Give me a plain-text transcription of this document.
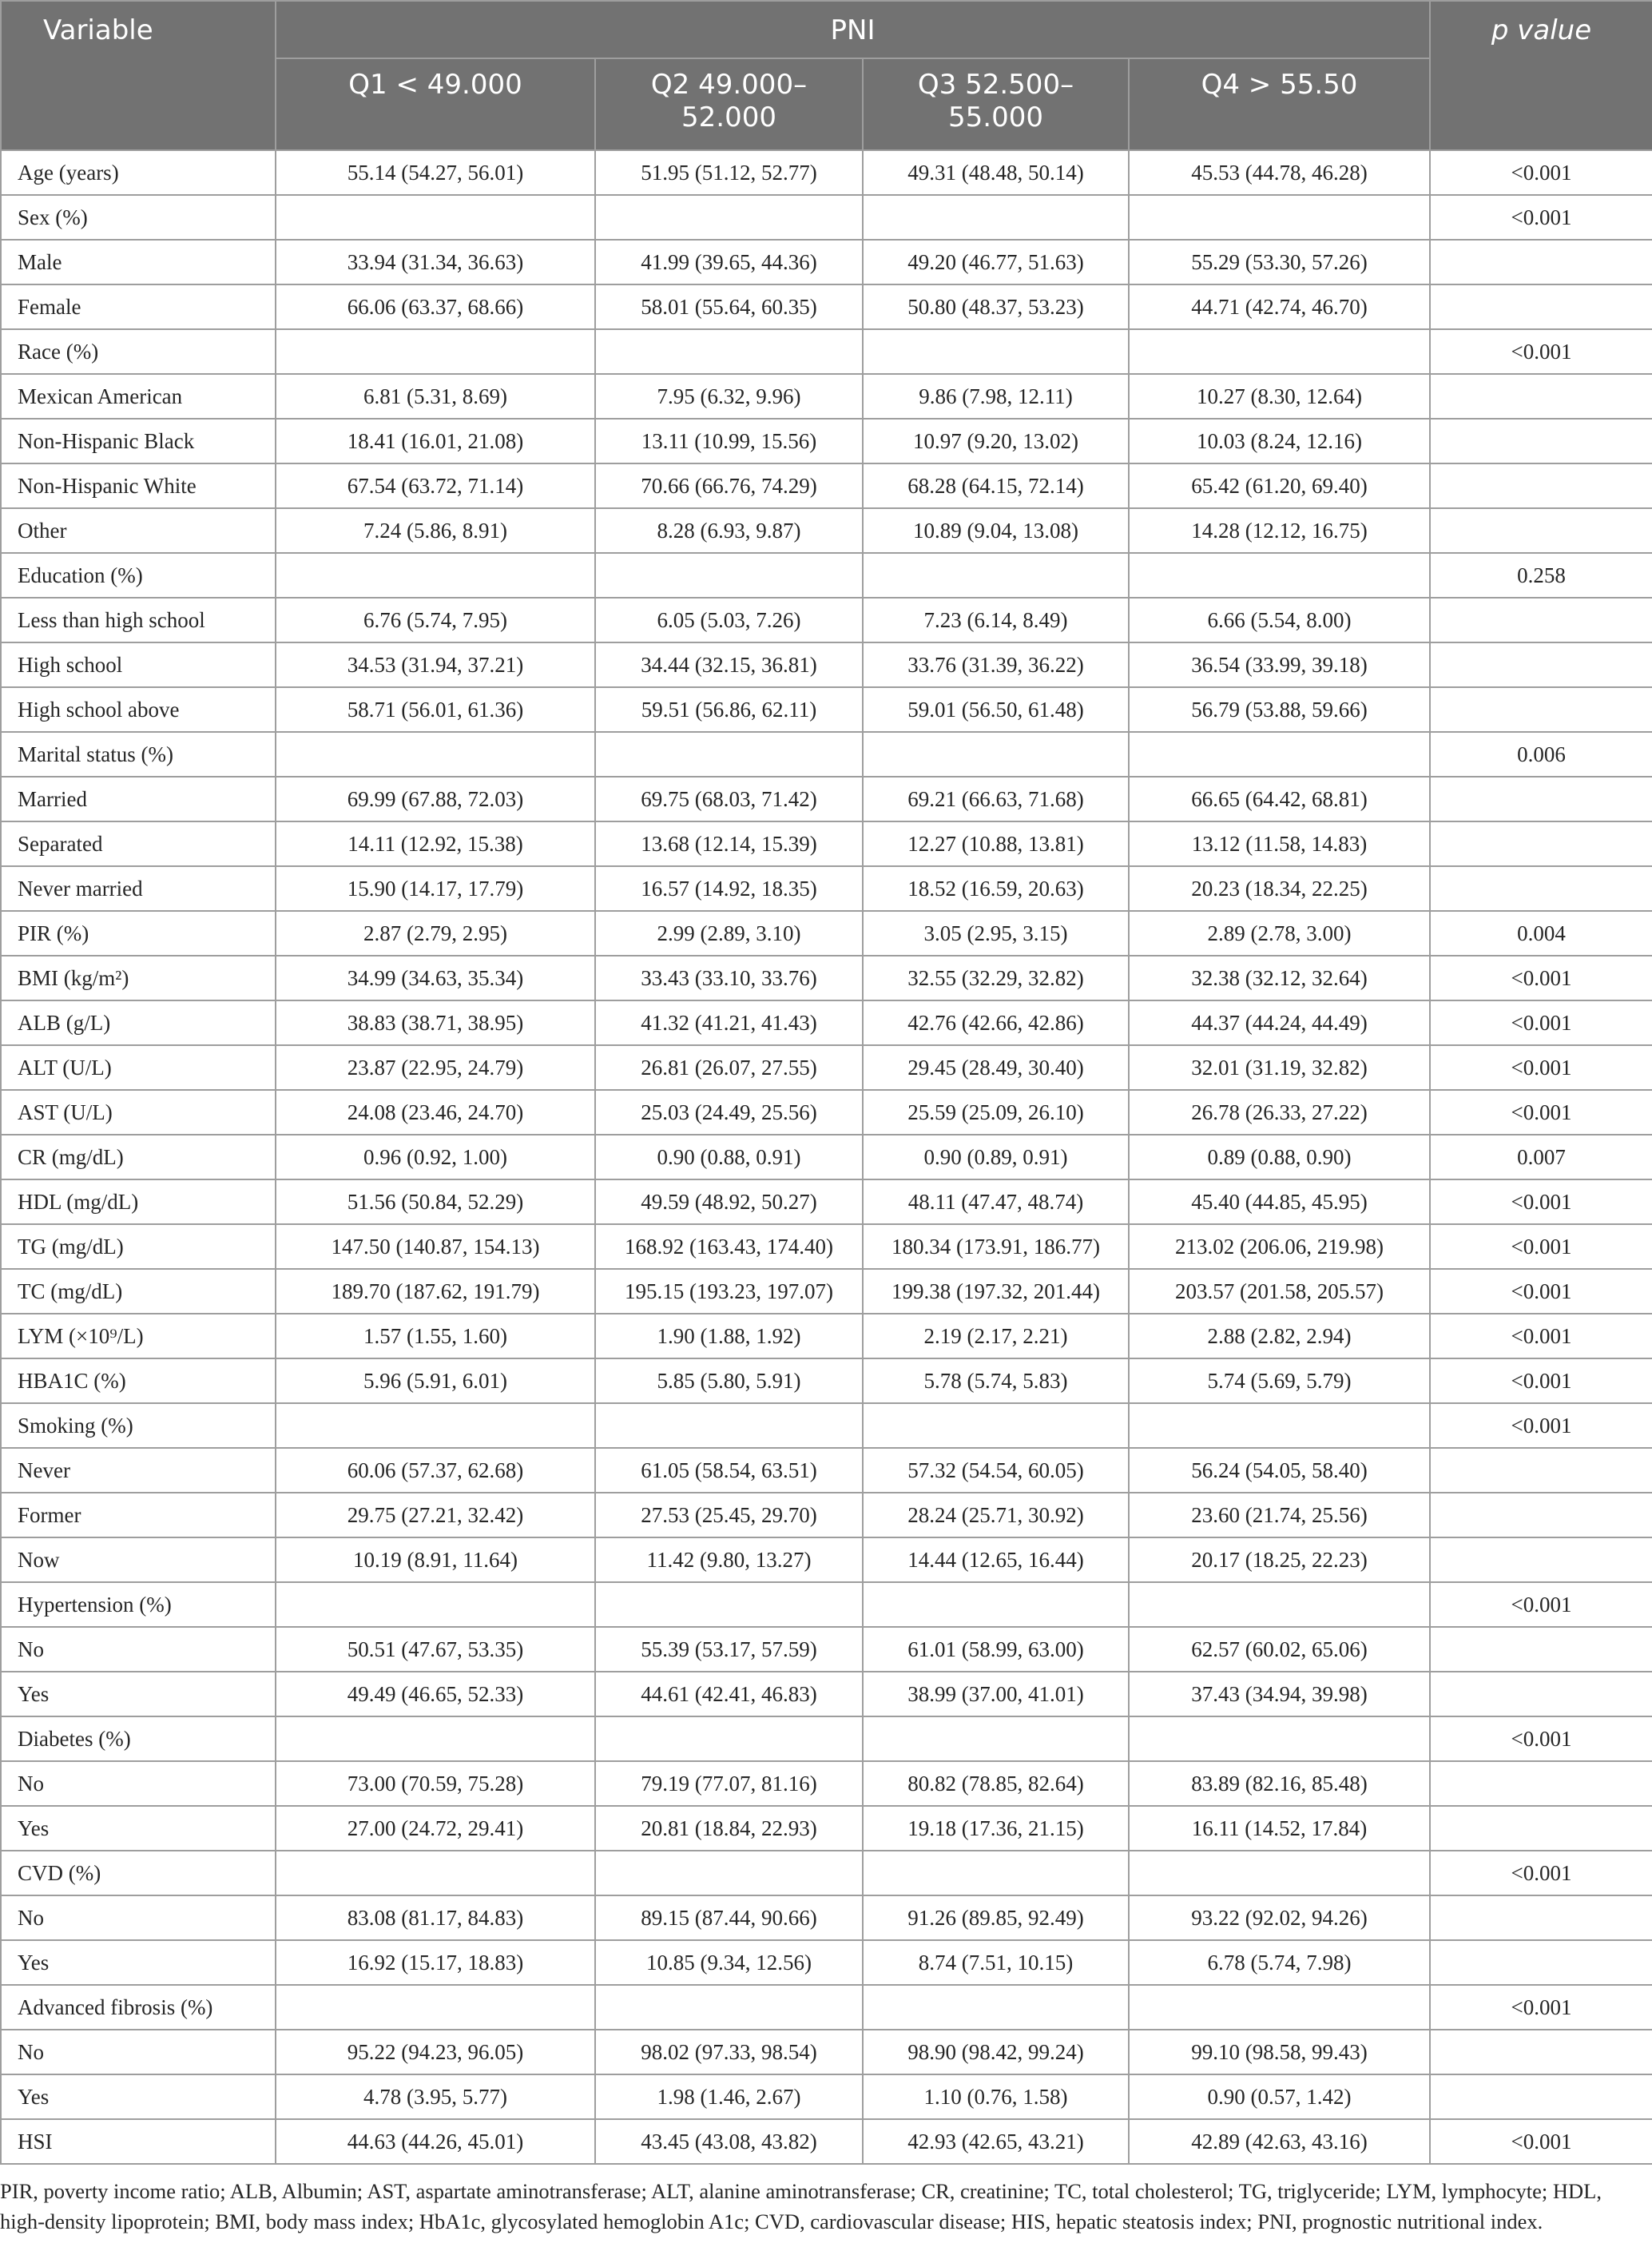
Variable	PNI				p value
	Q1 < 49.000	Q2 49.000–52.000	Q3 52.500–55.000	Q4 > 55.50	
Age (years)	55.14 (54.27, 56.01)	51.95 (51.12, 52.77)	49.31 (48.48, 50.14)	45.53 (44.78, 46.28)	<0.001
Sex (%)					<0.001
Male	33.94 (31.34, 36.63)	41.99 (39.65, 44.36)	49.20 (46.77, 51.63)	55.29 (53.30, 57.26)	
Female	66.06 (63.37, 68.66)	58.01 (55.64, 60.35)	50.80 (48.37, 53.23)	44.71 (42.74, 46.70)	
Race (%)					<0.001
Mexican American	6.81 (5.31, 8.69)	7.95 (6.32, 9.96)	9.86 (7.98, 12.11)	10.27 (8.30, 12.64)	
Non-Hispanic Black	18.41 (16.01, 21.08)	13.11 (10.99, 15.56)	10.97 (9.20, 13.02)	10.03 (8.24, 12.16)	
Non-Hispanic White	67.54 (63.72, 71.14)	70.66 (66.76, 74.29)	68.28 (64.15, 72.14)	65.42 (61.20, 69.40)	
Other	7.24 (5.86, 8.91)	8.28 (6.93, 9.87)	10.89 (9.04, 13.08)	14.28 (12.12, 16.75)	
Education (%)					0.258
Less than high school	6.76 (5.74, 7.95)	6.05 (5.03, 7.26)	7.23 (6.14, 8.49)	6.66 (5.54, 8.00)	
High school	34.53 (31.94, 37.21)	34.44 (32.15, 36.81)	33.76 (31.39, 36.22)	36.54 (33.99, 39.18)	
High school above	58.71 (56.01, 61.36)	59.51 (56.86, 62.11)	59.01 (56.50, 61.48)	56.79 (53.88, 59.66)	
Marital status (%)					0.006
Married	69.99 (67.88, 72.03)	69.75 (68.03, 71.42)	69.21 (66.63, 71.68)	66.65 (64.42, 68.81)	
Separated	14.11 (12.92, 15.38)	13.68 (12.14, 15.39)	12.27 (10.88, 13.81)	13.12 (11.58, 14.83)	
Never married	15.90 (14.17, 17.79)	16.57 (14.92, 18.35)	18.52 (16.59, 20.63)	20.23 (18.34, 22.25)	
PIR (%)	2.87 (2.79, 2.95)	2.99 (2.89, 3.10)	3.05 (2.95, 3.15)	2.89 (2.78, 3.00)	0.004
BMI (kg/m²)	34.99 (34.63, 35.34)	33.43 (33.10, 33.76)	32.55 (32.29, 32.82)	32.38 (32.12, 32.64)	<0.001
ALB (g/L)	38.83 (38.71, 38.95)	41.32 (41.21, 41.43)	42.76 (42.66, 42.86)	44.37 (44.24, 44.49)	<0.001
ALT (U/L)	23.87 (22.95, 24.79)	26.81 (26.07, 27.55)	29.45 (28.49, 30.40)	32.01 (31.19, 32.82)	<0.001
AST (U/L)	24.08 (23.46, 24.70)	25.03 (24.49, 25.56)	25.59 (25.09, 26.10)	26.78 (26.33, 27.22)	<0.001
CR (mg/dL)	0.96 (0.92, 1.00)	0.90 (0.88, 0.91)	0.90 (0.89, 0.91)	0.89 (0.88, 0.90)	0.007
HDL (mg/dL)	51.56 (50.84, 52.29)	49.59 (48.92, 50.27)	48.11 (47.47, 48.74)	45.40 (44.85, 45.95)	<0.001
TG (mg/dL)	147.50 (140.87, 154.13)	168.92 (163.43, 174.40)	180.34 (173.91, 186.77)	213.02 (206.06, 219.98)	<0.001
TC (mg/dL)	189.70 (187.62, 191.79)	195.15 (193.23, 197.07)	199.38 (197.32, 201.44)	203.57 (201.58, 205.57)	<0.001
LYM (×10⁹/L)	1.57 (1.55, 1.60)	1.90 (1.88, 1.92)	2.19 (2.17, 2.21)	2.88 (2.82, 2.94)	<0.001
HBA1C (%)	5.96 (5.91, 6.01)	5.85 (5.80, 5.91)	5.78 (5.74, 5.83)	5.74 (5.69, 5.79)	<0.001
Smoking (%)					<0.001
Never	60.06 (57.37, 62.68)	61.05 (58.54, 63.51)	57.32 (54.54, 60.05)	56.24 (54.05, 58.40)	
Former	29.75 (27.21, 32.42)	27.53 (25.45, 29.70)	28.24 (25.71, 30.92)	23.60 (21.74, 25.56)	
Now	10.19 (8.91, 11.64)	11.42 (9.80, 13.27)	14.44 (12.65, 16.44)	20.17 (18.25, 22.23)	
Hypertension (%)					<0.001
No	50.51 (47.67, 53.35)	55.39 (53.17, 57.59)	61.01 (58.99, 63.00)	62.57 (60.02, 65.06)	
Yes	49.49 (46.65, 52.33)	44.61 (42.41, 46.83)	38.99 (37.00, 41.01)	37.43 (34.94, 39.98)	
Diabetes (%)					<0.001
No	73.00 (70.59, 75.28)	79.19 (77.07, 81.16)	80.82 (78.85, 82.64)	83.89 (82.16, 85.48)	
Yes	27.00 (24.72, 29.41)	20.81 (18.84, 22.93)	19.18 (17.36, 21.15)	16.11 (14.52, 17.84)	
CVD (%)					<0.001
No	83.08 (81.17, 84.83)	89.15 (87.44, 90.66)	91.26 (89.85, 92.49)	93.22 (92.02, 94.26)	
Yes	16.92 (15.17, 18.83)	10.85 (9.34, 12.56)	8.74 (7.51, 10.15)	6.78 (5.74, 7.98)	
Advanced fibrosis (%)					<0.001
No	95.22 (94.23, 96.05)	98.02 (97.33, 98.54)	98.90 (98.42, 99.24)	99.10 (98.58, 99.43)	
Yes	4.78 (3.95, 5.77)	1.98 (1.46, 2.67)	1.10 (0.76, 1.58)	0.90 (0.57, 1.42)	
HSI	44.63 (44.26, 45.01)	43.45 (43.08, 43.82)	42.93 (42.65, 43.21)	42.89 (42.63, 43.16)	<0.001
PIR, poverty income ratio; ALB, Albumin; AST, aspartate aminotransferase; ALT, alanine aminotransferase; CR, creatinine; TC, total cholesterol; TG, triglyceride; LYM, lymphocyte; HDL, high-density lipoprotein; BMI, body mass index; HbA1c, glycosylated hemoglobin A1c; CVD, cardiovascular disease; HIS, hepatic steatosis index; PNI, prognostic nutritional index.
